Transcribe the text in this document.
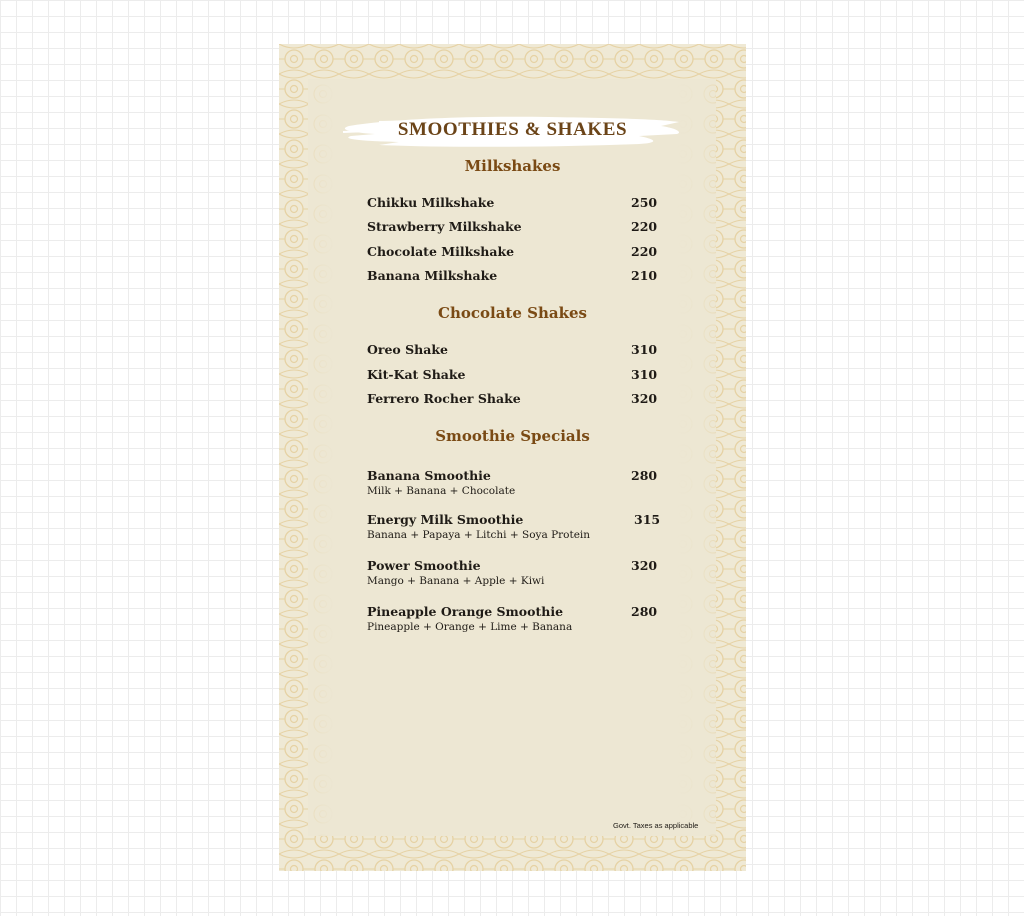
SMOOTHIES & SHAKES
Milkshakes
Chikku Milkshake	250
Strawberry Milkshake	220
Chocolate Milkshake	220
Banana Milkshake	210
Chocolate Shakes
Oreo Shake	310
Kit-Kat Shake	310
Ferrero Rocher Shake	320
Smoothie Specials
Banana Smoothie	280
Milk + Banana + Chocolate
Energy Milk Smoothie	315
Banana + Papaya + Litchi + Soya Protein
Power Smoothie	320
Mango + Banana + Apple + Kiwi
Pineapple Orange Smoothie	280
Pineapple + Orange + Lime + Banana
Govt. Taxes as applicable
